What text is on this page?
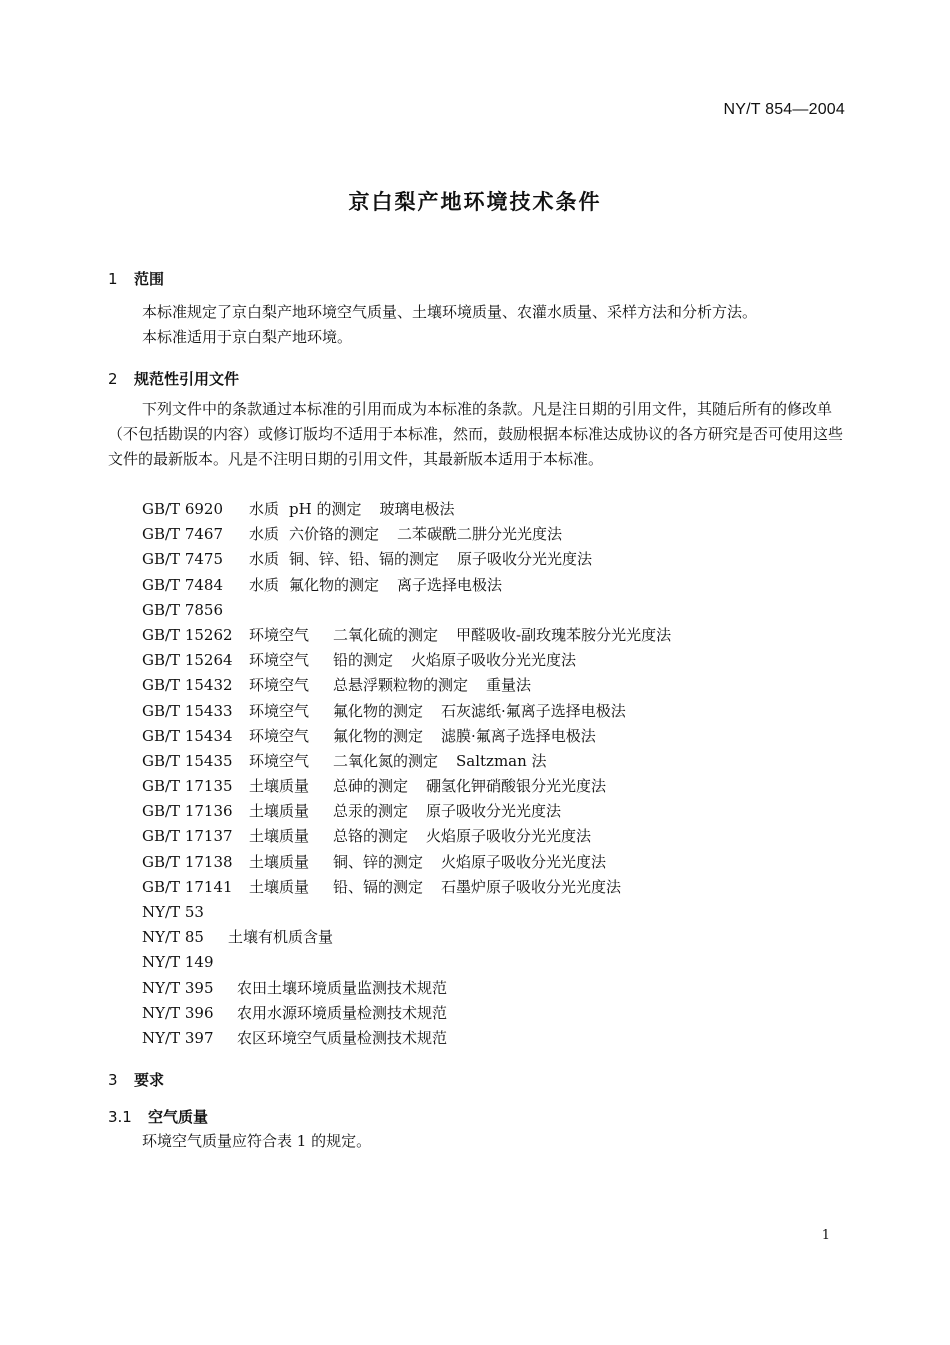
NY/T 854—2004
京白梨产地环境技术条件
1 范围

本标准规定了京白梨产地环境空气质量、土壤环境质量、农灌水质量、采样方法和分析方法。

本标准适用于京白梨产地环境。

2 规范性引用文件

下列文件中的条款通过本标准的引用而成为本标准的条款。凡是注日期的引用文件，其随后所有的修改单（不包括勘误的内容）或修订版均不适用于本标准，然而，鼓励根据本标准达成协议的各方研究是否可使用这些文件的最新版本。凡是不注明日期的引用文件，其最新版本适用于本标准。

GB/T 6920 水质 pH 的测定 玻璃电极法
GB/T 7467 水质 六价铬的测定 二苯碳酰二肼分光光度法
GB/T 7475 水质 铜、锌、铅、镉的测定 原子吸收分光光度法
GB/T 7484 水质 氟化物的测定 离子选择电极法
GB/T 7856
GB/T 15262 环境空气 二氧化硫的测定 甲醛吸收-副玫瑰苯胺分光光度法
GB/T 15264 环境空气 铅的测定 火焰原子吸收分光光度法
GB/T 15432 环境空气 总悬浮颗粒物的测定 重量法
GB/T 15433 环境空气 氟化物的测定 石灰滤纸·氟离子选择电极法
GB/T 15434 环境空气 氟化物的测定 滤膜·氟离子选择电极法
GB/T 15435 环境空气 二氧化氮的测定 Saltzman 法
GB/T 17135 土壤质量 总砷的测定 硼氢化钾硝酸银分光光度法
GB/T 17136 土壤质量 总汞的测定 原子吸收分光光度法
GB/T 17137 土壤质量 总铬的测定 火焰原子吸收分光光度法
GB/T 17138 土壤质量 铜、锌的测定 火焰原子吸收分光光度法
GB/T 17141 土壤质量 铅、镉的测定 石墨炉原子吸收分光光度法
NY/T 53
NY/T 85 土壤有机质含量
NY/T 149
NY/T 395 农田土壤环境质量监测技术规范
NY/T 396 农用水源环境质量检测技术规范
NY/T 397 农区环境空气质量检测技术规范
3 要求
3.1 空气质量

环境空气质量应符合表 1 的规定。

1
